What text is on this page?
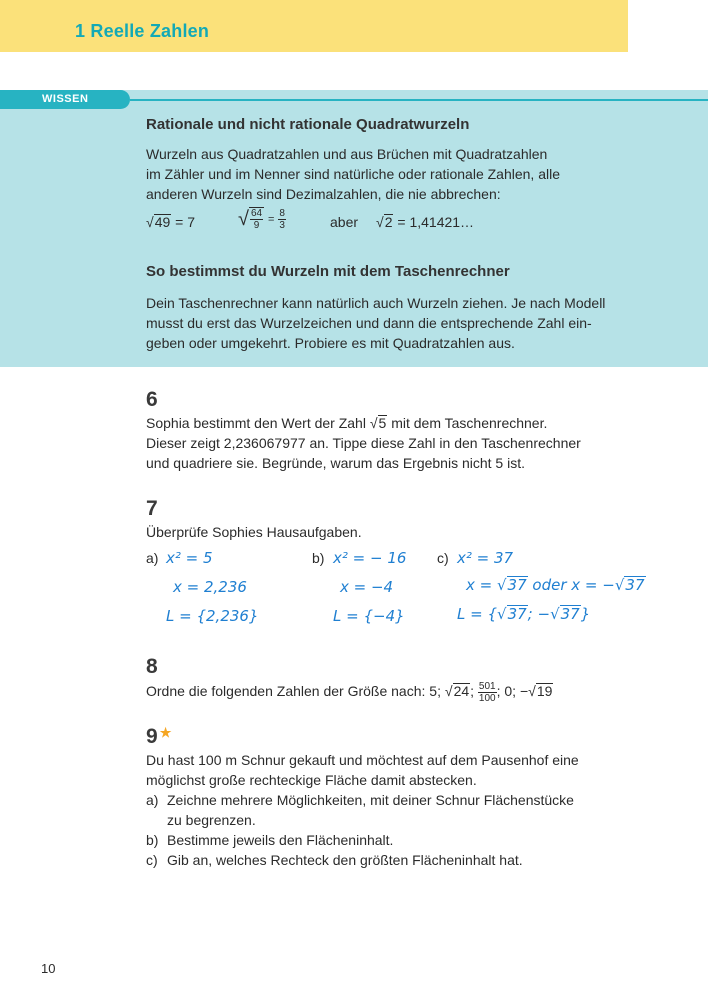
1 Reelle Zahlen
WISSEN
Rationale und nicht rationale Quadratwurzeln
Wurzeln aus Quadratzahlen und aus Brüchen mit Quadratzahlen
im Zähler und im Nenner sind natürliche oder rationale Zahlen, alle
anderen Wurzeln sind Dezimalzahlen, die nie abbrechen:
√49 = 7 √ $\frac{64}{9} = \frac{8}{3}$	aber √2 = 1,41421…
So bestimmst du Wurzeln mit dem Taschenrechner
Dein Taschenrechner kann natürlich auch Wurzeln ziehen. Je nach Modell
musst du erst das Wurzelzeichen und dann die entsprechende Zahl ein-
geben oder umgekehrt. Probiere es mit Quadratzahlen aus.
6
Sophia bestimmt den Wert der Zahl √5 mit dem Taschenrechner.
Dieser zeigt 2,236067977 an. Tippe diese Zahl in den Taschenrechner
und quadriere sie. Begründe, warum das Ergebnis nicht 5 ist.
7
Überprüfe Sophies Hausaufgaben.
a) x² = 5
x = 2,236
L = {2,236}
b) x² = − 16
x = −4
L = {−4}
c) x² = 37
x = √37 oder x = −√37
L = {√37; −√37}
8
Ordne die folgenden Zahlen der Größe nach: 5; √24; $\frac{501}{100}$ ; 0; −√19
9 ★
Du hast 100 m Schnur gekauft und möchtest auf dem Pausenhof eine
möglichst große rechteckige Fläche damit abstecken.
a) Zeichne mehrere Möglichkeiten, mit deiner Schnur Flächenstücke
zu begrenzen.
b) Bestimme jeweils den Flächeninhalt.
c) Gib an, welches Rechteck den größten Flächeninhalt hat.
10
